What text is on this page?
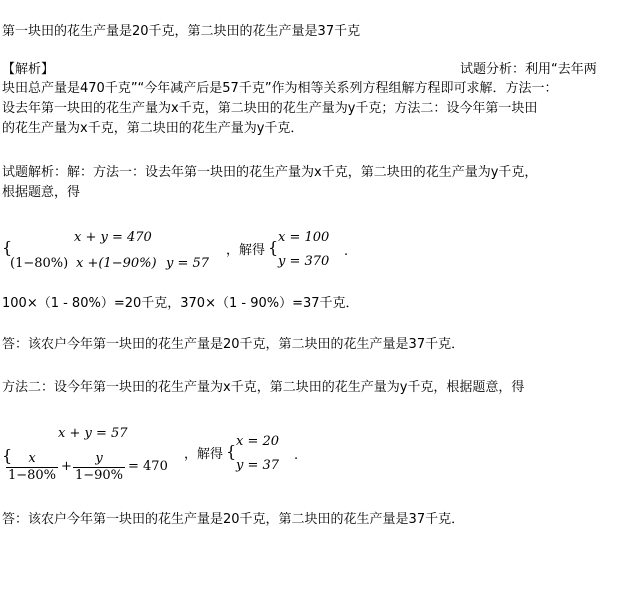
第一块田的花生产量是20千克，第二块田的花生产量是37千克
【解析】	试题分析：利用“去年两
块田总产量是470千克”“今年减产后是57千克”作为相等关系列方程组解方程即可求解．方法一：
设去年第一块田的花生产量为x千克，第二块田的花生产量为y千克；方法二：设今年第一块田
的花生产量为x千克，第二块田的花生产量为y千克．
试题解析：解：方法一：设去年第一块田的花生产量为x千克，第二块田的花生产量为y千克，
根据题意，得
{
x + y = 470
(1−80%) x +(1−90%) y = 57
，解得 {
x = 100
y = 370
.
100×（1 - 80%）=20千克，370×（1 - 90%）=37千克．
答：该农户今年第一块田的花生产量是20千克，第二块田的花生产量是37千克．
方法二：设今年第一块田的花生产量为x千克，第二块田的花生产量为y千克，根据题意，得
{
x + y = 57
$\frac{x}{1-80\%} + \frac{y}{1-90\%} = 470$
，解得 {
x = 20
y = 37
.
答：该农户今年第一块田的花生产量是20千克，第二块田的花生产量是37千克．
